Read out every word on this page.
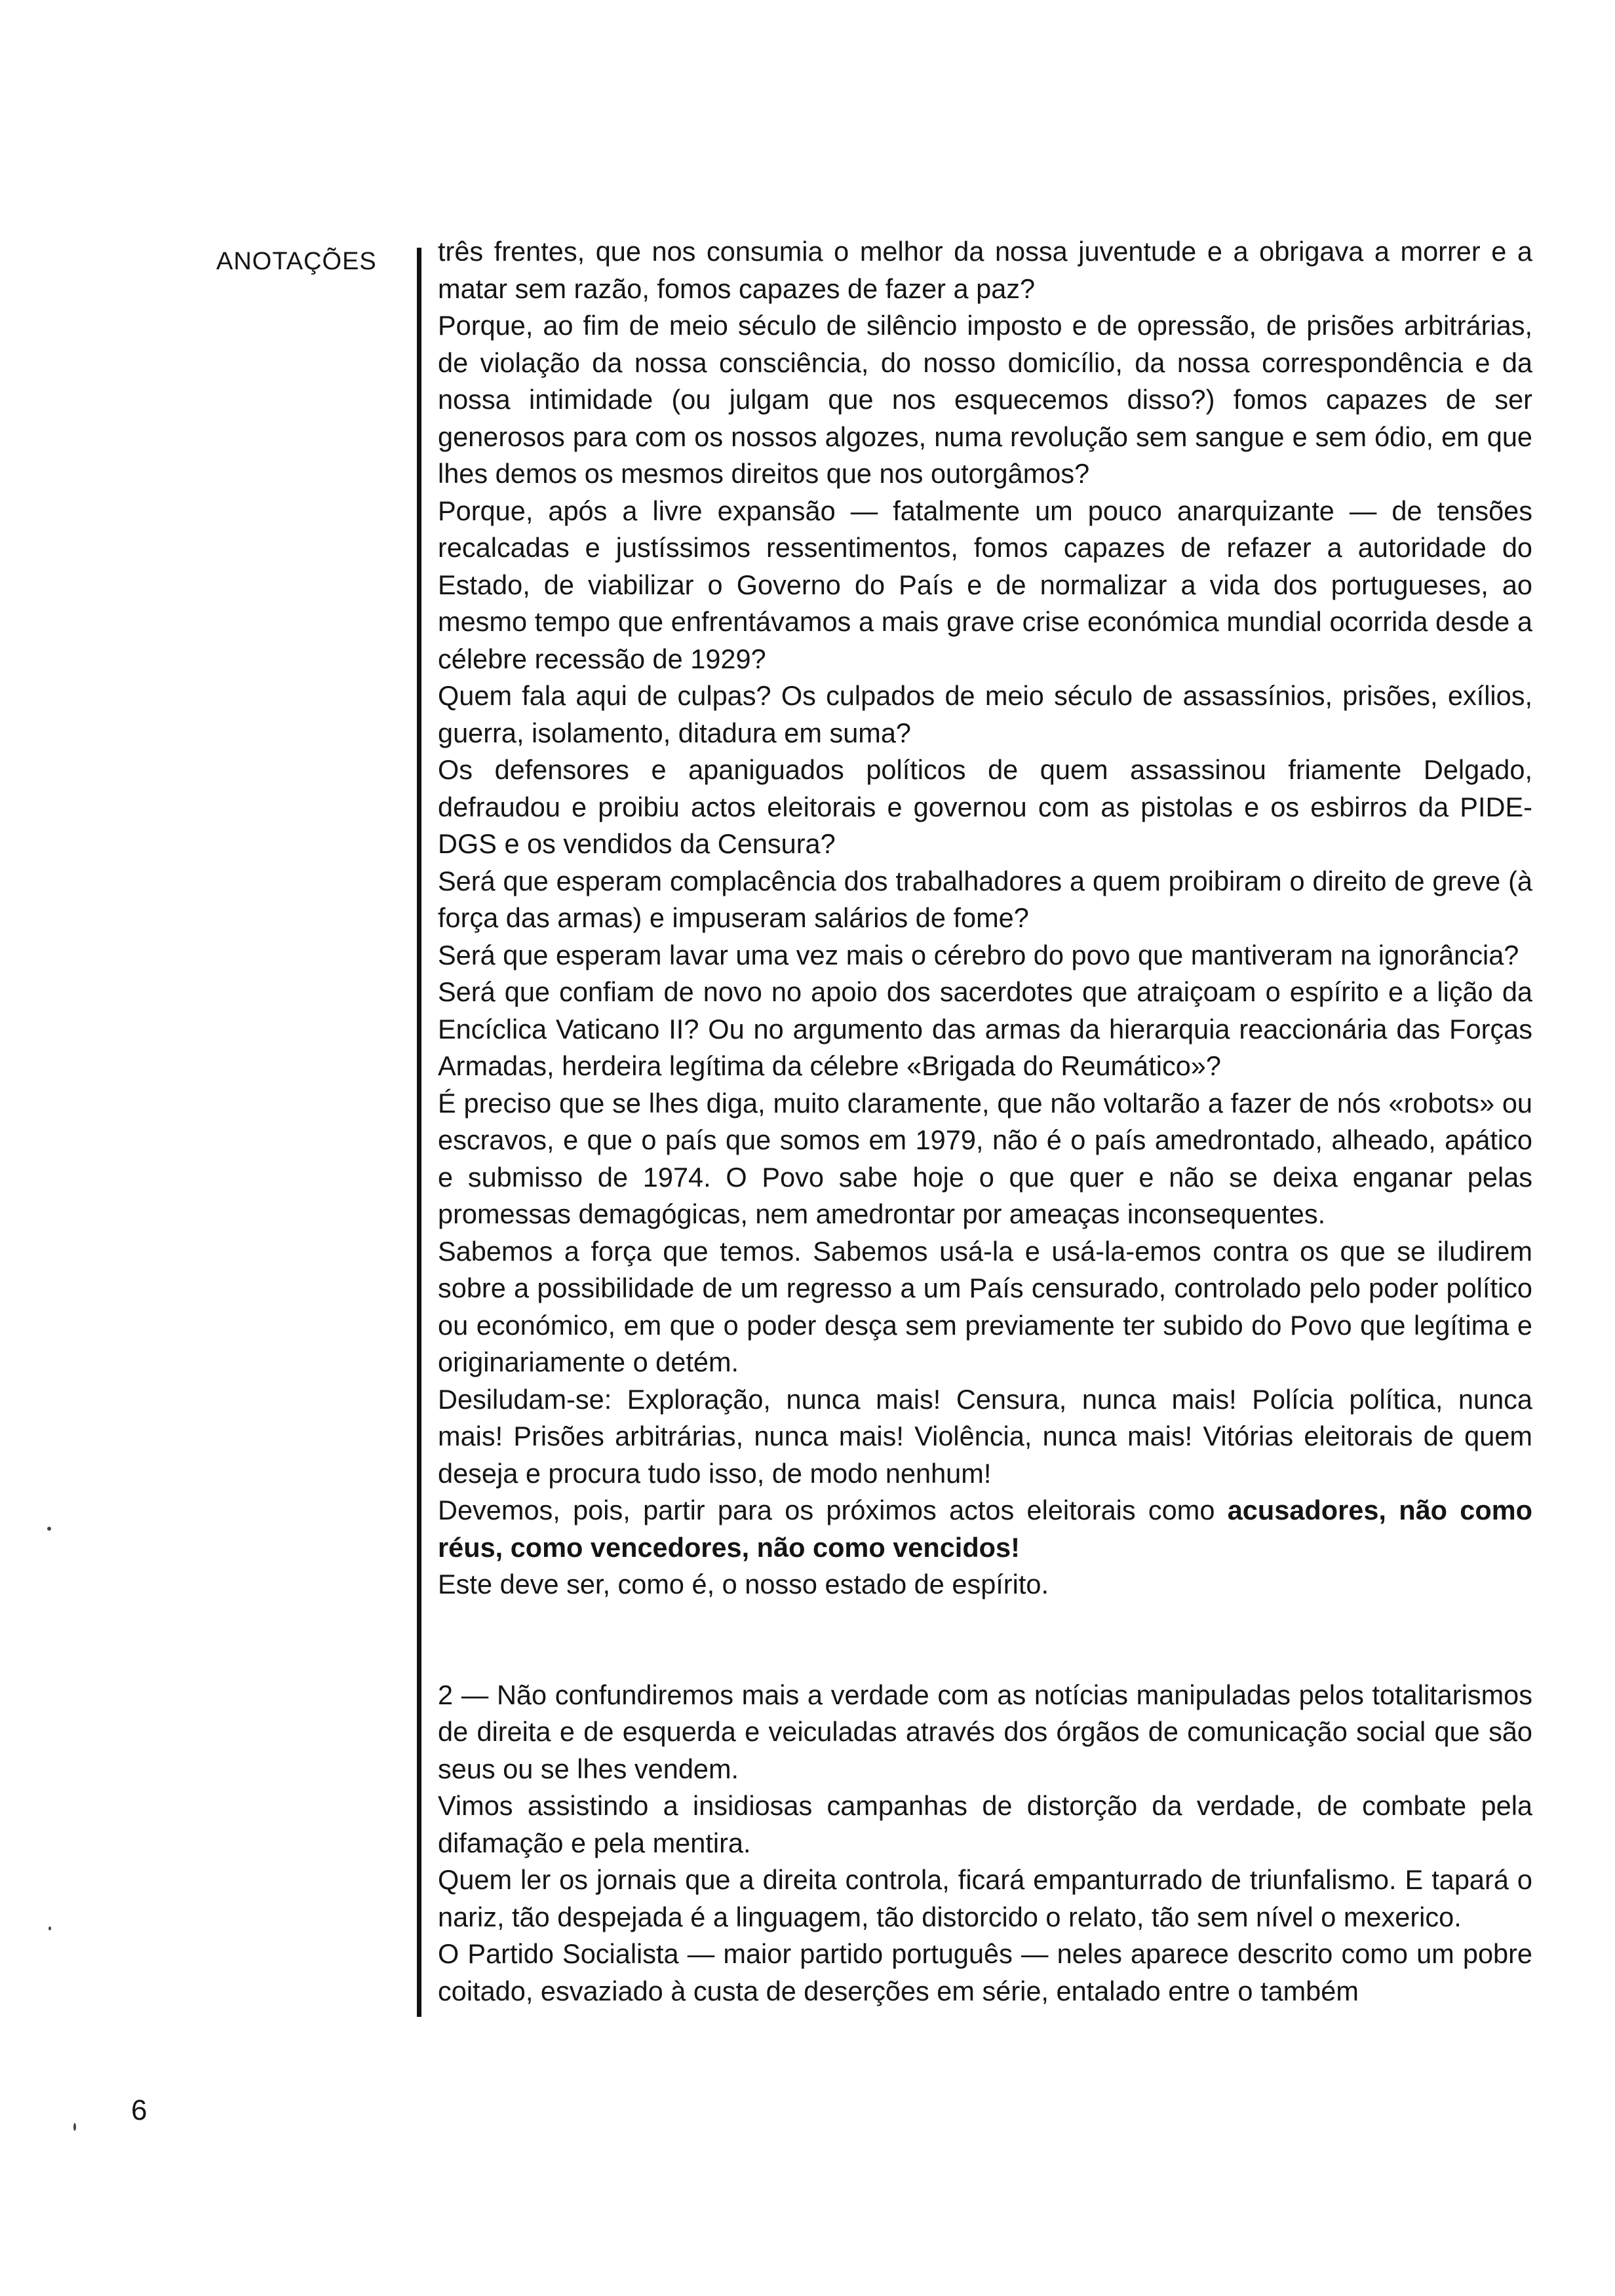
ANOTAÇÕES três frentes, que nos consumia o melhor da nossa juventude e a obrigava a morrer e a matar sem razão, fomos capazes de fazer a paz?

Porque, ao fim de meio século de silêncio imposto e de opressão, de prisões arbitrárias, de violação da nossa consciência, do nosso domicílio, da nossa correspondência e da nossa intimidade (ou julgam que nos esquecemos disso?) fomos capazes de ser generosos para com os nossos algozes, numa revolução sem sangue e sem ódio, em que lhes demos os mesmos direitos que nos outorgâmos?

Porque, após a livre expansão — fatalmente um pouco anarquizante — de tensões recalcadas e justíssimos ressentimentos, fomos capazes de refazer a autoridade do Estado, de viabilizar o Governo do País e de normalizar a vida dos portugueses, ao mesmo tempo que enfrentávamos a mais grave crise económica mundial ocorrida desde a célebre recessão de 1929?

Quem fala aqui de culpas? Os culpados de meio século de assassínios, prisões, exílios, guerra, isolamento, ditadura em suma?

Os defensores e apaniguados políticos de quem assassinou friamente Delgado, defraudou e proibiu actos eleitorais e governou com as pistolas e os esbirros da PIDE-DGS e os vendidos da Censura?

Será que esperam complacência dos trabalhadores a quem proibiram o direito de greve (à força das armas) e impuseram salários de fome?

Será que esperam lavar uma vez mais o cérebro do povo que mantiveram na ignorância?

Será que confiam de novo no apoio dos sacerdotes que atraiçoam o espírito e a lição da Encíclica Vaticano II? Ou no argumento das armas da hierarquia reaccionária das Forças Armadas, herdeira legítima da célebre «Brigada do Reumático»?

É preciso que se lhes diga, muito claramente, que não voltarão a fazer de nós «robots» ou escravos, e que o país que somos em 1979, não é o país amedrontado, alheado, apático e submisso de 1974. O Povo sabe hoje o que quer e não se deixa enganar pelas promessas demagógicas, nem amedrontar por ameaças inconsequentes.

Sabemos a força que temos. Sabemos usá-la e usá-la-emos contra os que se iludirem sobre a possibilidade de um regresso a um País censurado, controlado pelo poder político ou económico, em que o poder desça sem previamente ter subido do Povo que legítima e originariamente o detém.

Desiludam-se: Exploração, nunca mais! Censura, nunca mais! Polícia política, nunca mais! Prisões arbitrárias, nunca mais! Violência, nunca mais! Vitórias eleitorais de quem deseja e procura tudo isso, de modo nenhum!

Devemos, pois, partir para os próximos actos eleitorais como acusadores, não como réus, como vencedores, não como vencidos!

Este deve ser, como é, o nosso estado de espírito.

2 — Não confundiremos mais a verdade com as notícias manipuladas pelos totalitarismos de direita e de esquerda e veiculadas através dos órgãos de comunicação social que são seus ou se lhes vendem.

Vimos assistindo a insidiosas campanhas de distorção da verdade, de combate pela difamação e pela mentira.

Quem ler os jornais que a direita controla, ficará empanturrado de triunfalismo. E tapará o nariz, tão despejada é a linguagem, tão distorcido o relato, tão sem nível o mexerico.

O Partido Socialista — maior partido português — neles aparece descrito como um pobre coitado, esvaziado à custa de deserções em série, entalado entre o também

6
